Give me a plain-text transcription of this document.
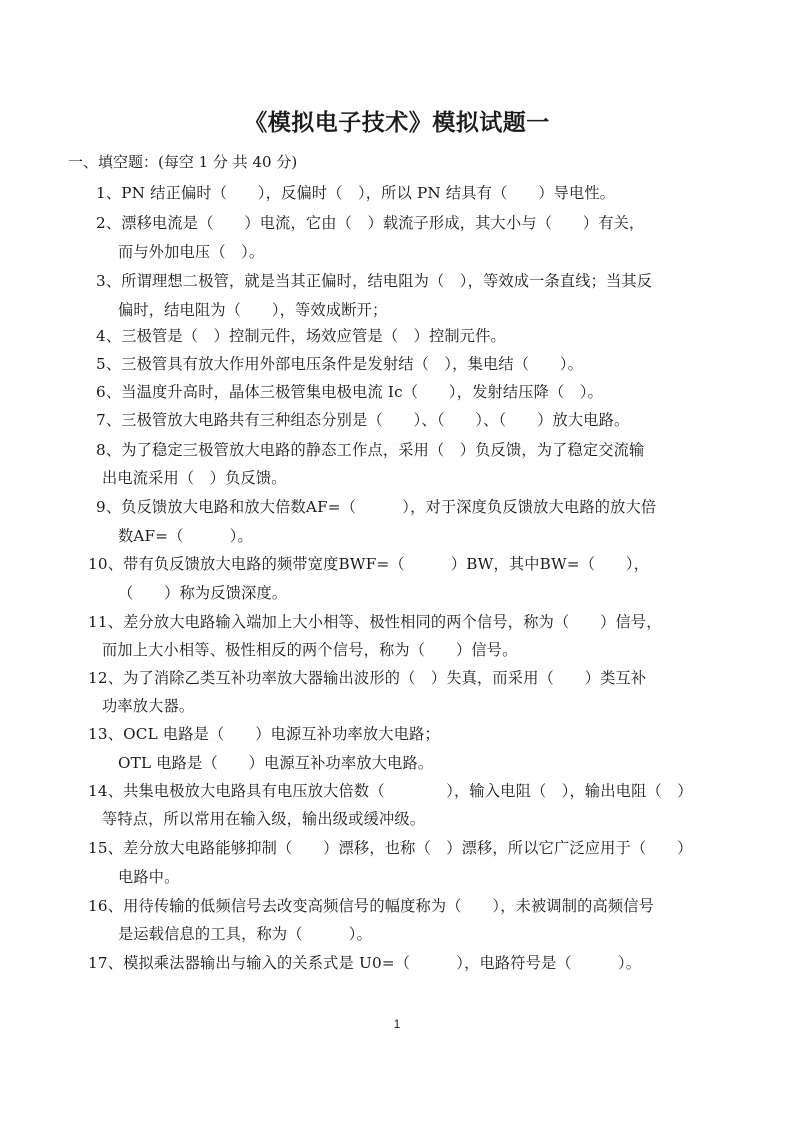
《模拟电子技术》模拟试题一
一、填空题：(每空 1 分 共 40 分)
1、PN 结正偏时（　　），反偏时（　），所以 PN 结具有（　　）导电性。
2、漂移电流是（　　）电流，它由（　）载流子形成，其大小与（　　）有关，
而与外加电压（　）。
3、所谓理想二极管，就是当其正偏时，结电阻为（　），等效成一条直线；当其反
偏时，结电阻为（　　），等效成断开；
4、三极管是（　）控制元件，场效应管是（　）控制元件。
5、三极管具有放大作用外部电压条件是发射结（　），集电结（　　）。
6、当温度升高时，晶体三极管集电极电流 Ic（　　），发射结压降（　）。
7、三极管放大电路共有三种组态分别是（　　）、（　　）、（　　）放大电路。
8、为了稳定三极管放大电路的静态工作点，采用（　）负反馈，为了稳定交流输
出电流采用（　）负反馈。
9、负反馈放大电路和放大倍数AF=（　　　），对于深度负反馈放大电路的放大倍
数AF=（　　　）。
10、带有负反馈放大电路的频带宽度BWF=（　　　）BW，其中BW=（　　），
（　　）称为反馈深度。
11、差分放大电路输入端加上大小相等、极性相同的两个信号，称为（　　）信号，
而加上大小相等、极性相反的两个信号，称为（　　）信号。
12、为了消除乙类互补功率放大器输出波形的（　）失真，而采用（　　）类互补
功率放大器。
13、OCL 电路是（　　）电源互补功率放大电路；
OTL 电路是（　　）电源互补功率放大电路。
14、共集电极放大电路具有电压放大倍数（　　　　），输入电阻（　），输出电阻（　）
等特点，所以常用在输入级，输出级或缓冲级。
15、差分放大电路能够抑制（　　）漂移，也称（　）漂移，所以它广泛应用于（　　）
电路中。
16、用待传输的低频信号去改变高频信号的幅度称为（　　），未被调制的高频信号
是运载信息的工具，称为（　　　）。
17、模拟乘法器输出与输入的关系式是 U0=（　　　），电路符号是（　　　）。
1
